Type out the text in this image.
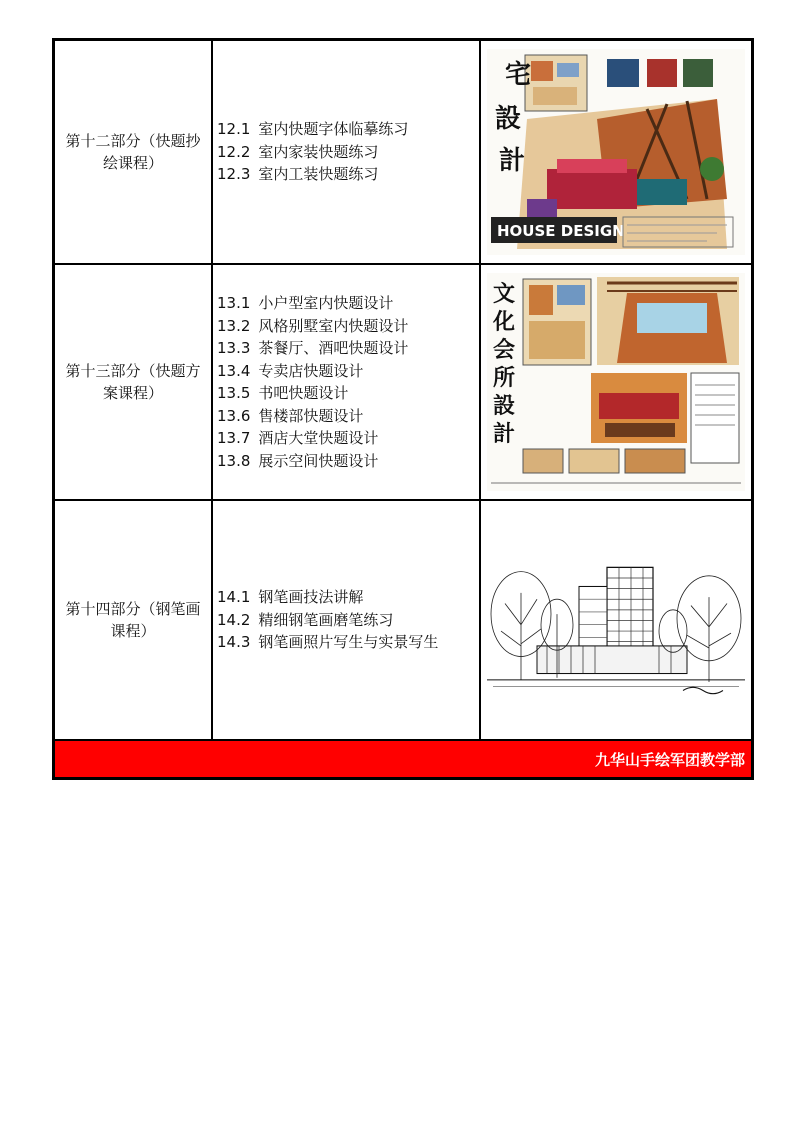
第十二部分（快题抄绘课程）
12.1 室内快题字体临摹练习
12.2 室内家装快题练习
12.3 室内工装快题练习
宅
設
計
HOUSE DESIGN
第十三部分（快题方案课程）
13.1 小户型室内快题设计
13.2 风格别墅室内快题设计
13.3 茶餐厅、酒吧快题设计
13.4 专卖店快题设计
13.5 书吧快题设计
13.6 售楼部快题设计
13.7 酒店大堂快题设计
13.8 展示空间快题设计
文
化
会
所
設
計
第十四部分（钢笔画课程）
14.1 钢笔画技法讲解
14.2 精细钢笔画磨笔练习
14.3 钢笔画照片写生与实景写生
九华山手绘军团教学部
